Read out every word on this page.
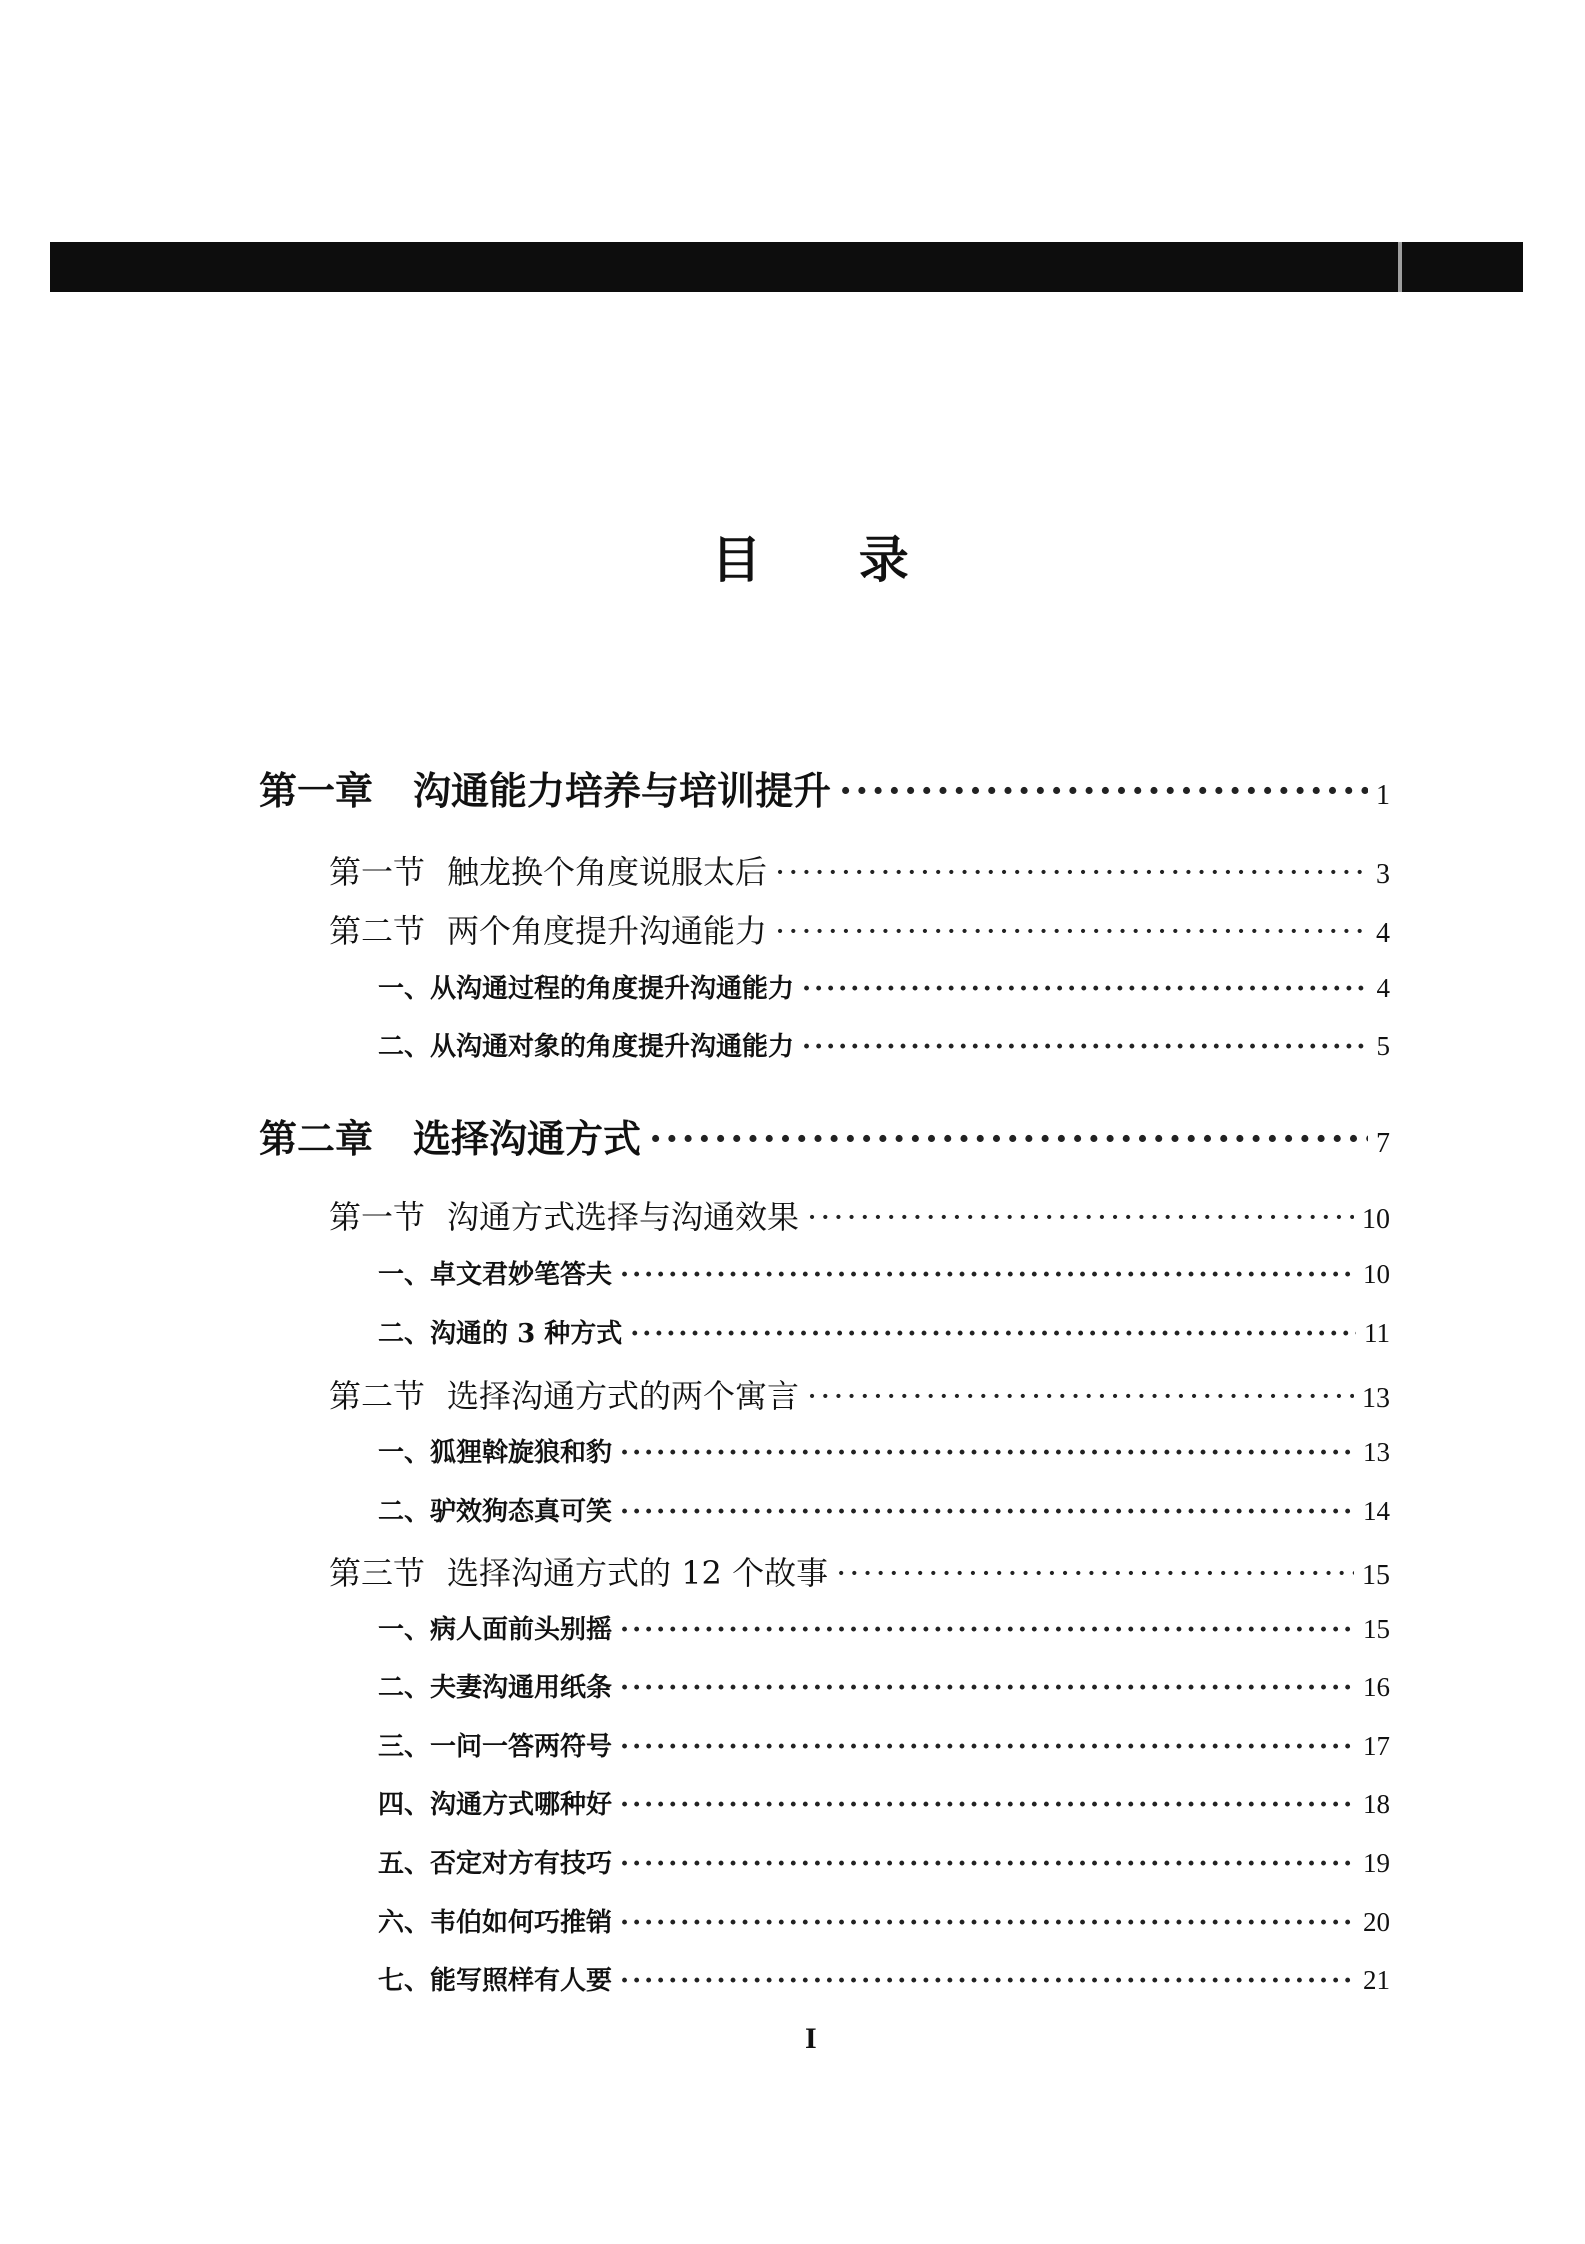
目 录
第一章 沟通能力培养与培训提升 ·····	1
第一节 触龙换个角度说服太后 ·····	3
第二节 两个角度提升沟通能力 ·····	4
一、 从沟通过程的角度提升沟通能力 ·····	4
二、 从沟通对象的角度提升沟通能力 ·····	5
第二章 选择沟通方式 ·····	7
第一节 沟通方式选择与沟通效果 ·····	10
一、 卓文君妙笔答夫 ·····	10
二、 沟通的 3 种方式 ·····	11
第二节 选择沟通方式的两个寓言 ·····	13
一、 狐狸斡旋狼和豹 ·····	13
二、 驴效狗态真可笑 ·····	14
第三节 选择沟通方式的 12 个故事 ·····	15
一、 病人面前头别摇 ·····	15
二、 夫妻沟通用纸条 ·····	16
三、 一问一答两符号 ·····	17
四、 沟通方式哪种好 ·····	18
五、 否定对方有技巧 ·····	19
六、 韦伯如何巧推销 ·····	20
七、 能写照样有人要 ·····	21
I
